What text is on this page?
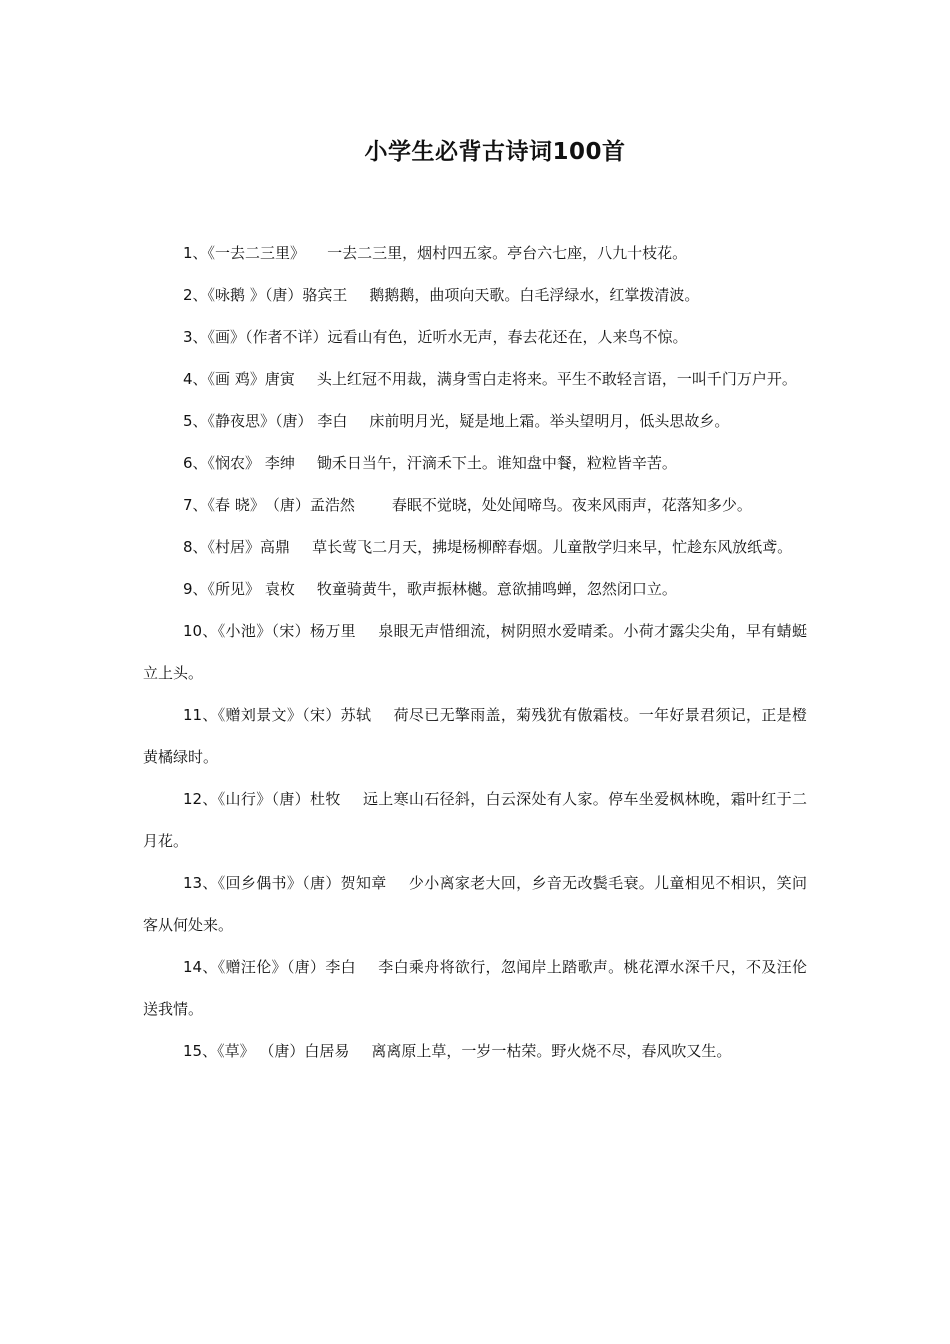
小学生必背古诗词100首

1、《一去二三里》 一去二三里，烟村四五家。亭台六七座，八九十枝花。

2、《咏鹅 》（唐）骆宾王 鹅鹅鹅，曲项向天歌。白毛浮绿水，红掌拨清波。

3、《画》（作者不详）远看山有色，近听水无声，春去花还在，人来鸟不惊。

4、《画 鸡》唐寅 头上红冠不用裁，满身雪白走将来。平生不敢轻言语，一叫千门万户开。

5、《静夜思》（唐） 李白 床前明月光，疑是地上霜。举头望明月，低头思故乡。

6、《悯农》 李绅 锄禾日当午，汗滴禾下土。谁知盘中餐，粒粒皆辛苦。

7、《春 晓》　（唐）孟浩然　春眠不觉晓，处处闻啼鸟。夜来风雨声，花落知多少。

8、《村居》高鼎 草长莺飞二月天，拂堤杨柳醉春烟。儿童散学归来早，忙趁东风放纸鸢。

9、《所见》 袁枚 牧童骑黄牛，歌声振林樾。意欲捕鸣蝉，忽然闭口立。

10、《小池》（宋）杨万里 泉眼无声惜细流，树阴照水爱晴柔。小荷才露尖尖角，早有蜻蜓立上头。

11、《赠刘景文》（宋）苏轼 荷尽已无擎雨盖，菊残犹有傲霜枝。一年好景君须记，正是橙黄橘绿时。

12、《山行》（唐）杜牧 远上寒山石径斜，白云深处有人家。停车坐爱枫林晚，霜叶红于二月花。

13、《回乡偶书》（唐）贺知章 少小离家老大回，乡音无改鬓毛衰。儿童相见不相识，笑问客从何处来。

14、《赠汪伦》（唐）李白 李白乘舟将欲行，忽闻岸上踏歌声。桃花潭水深千尺，不及汪伦送我情。

15、《草》 （唐）白居易 离离原上草，一岁一枯荣。野火烧不尽，春风吹又生。
